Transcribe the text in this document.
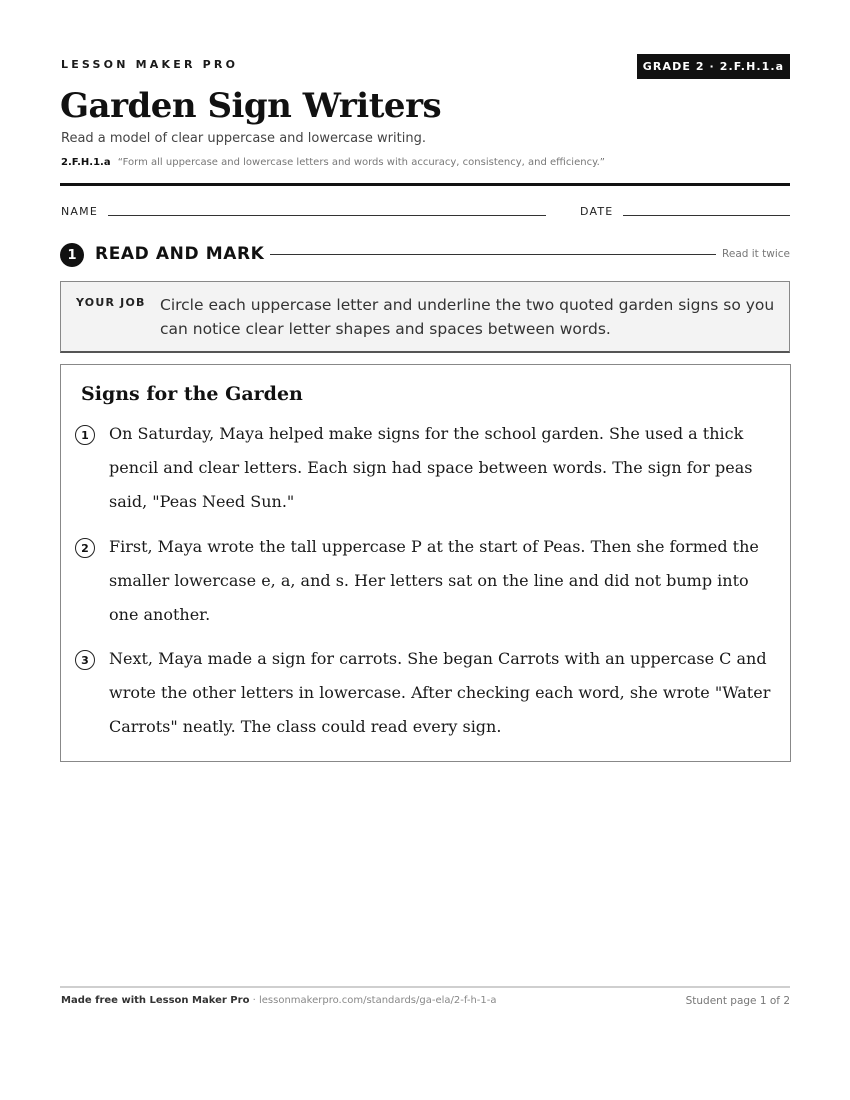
LESSON MAKER PRO	GRADE 2 · 2.F.H.1.a
Garden Sign Writers
Read a model of clear uppercase and lowercase writing.
2.F.H.1.a “Form all uppercase and lowercase letters and words with accuracy, consistency, and efficiency.”
NAME	DATE
1	READ AND MARK	Read it twice
YOUR JOB Circle each uppercase letter and underline the two quoted garden signs so you can notice clear letter shapes and spaces between words.
Signs for the Garden
1	On Saturday, Maya helped make signs for the school garden. She used a thick pencil and clear letters. Each sign had space between words. The sign for peas said, "Peas Need Sun."
2	First, Maya wrote the tall uppercase P at the start of Peas. Then she formed the smaller lowercase e, a, and s. Her letters sat on the line and did not bump into one another.
3	Next, Maya made a sign for carrots. She began Carrots with an uppercase C and wrote the other letters in lowercase. After checking each word, she wrote "Water Carrots" neatly. The class could read every sign.
Made free with Lesson Maker Pro · lessonmakerpro.com/standards/ga-ela/2-f-h-1-a	Student page 1 of 2
